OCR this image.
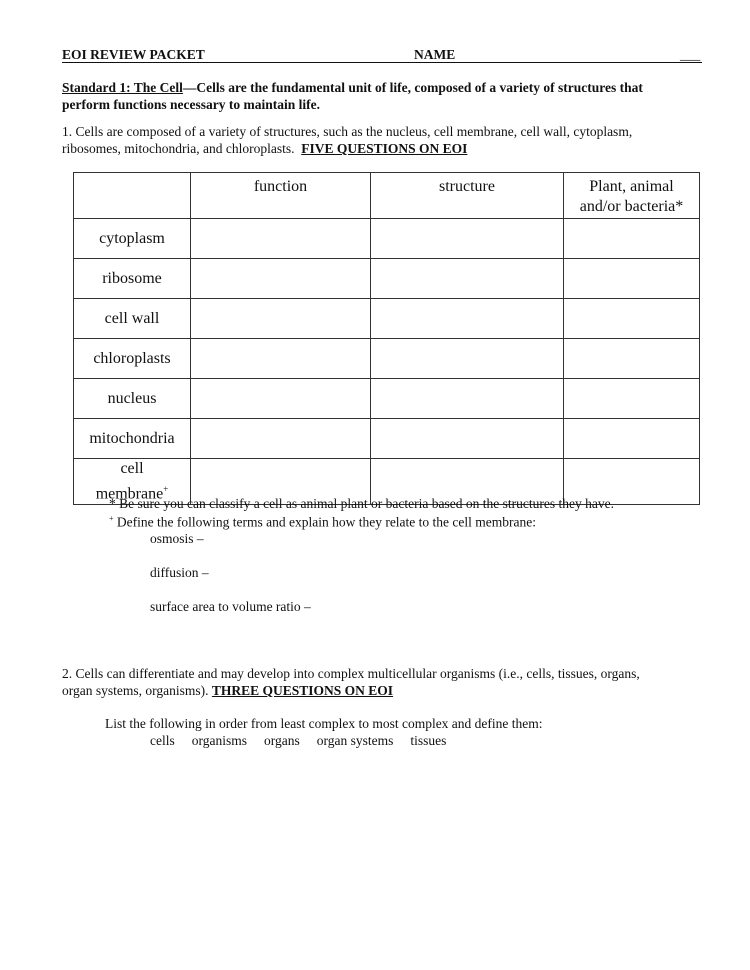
EOI REVIEW PACKET	NAME	___
Standard 1: The Cell—Cells are the fundamental unit of life, composed of a variety of structures that
perform functions necessary to maintain life.
1. Cells are composed of a variety of structures, such as the nucleus, cell membrane, cell wall, cytoplasm,
ribosomes, mitochondria, and chloroplasts. FIVE QUESTIONS ON EOI
	function	structure	Plant, animal
and/or bacteria*
cytoplasm			
ribosome			
cell wall			
chloroplasts			
nucleus			
mitochondria			
cell
membrane+			
* Be sure you can classify a cell as animal plant or bacteria based on the structures they have.
+ Define the following terms and explain how they relate to the cell membrane:
osmosis –
diffusion –
surface area to volume ratio –
2. Cells can differentiate and may develop into complex multicellular organisms (i.e., cells, tissues, organs,
organ systems, organisms). THREE QUESTIONS ON EOI
List the following in order from least complex to most complex and define them:
cells organisms organs organ systems tissues
